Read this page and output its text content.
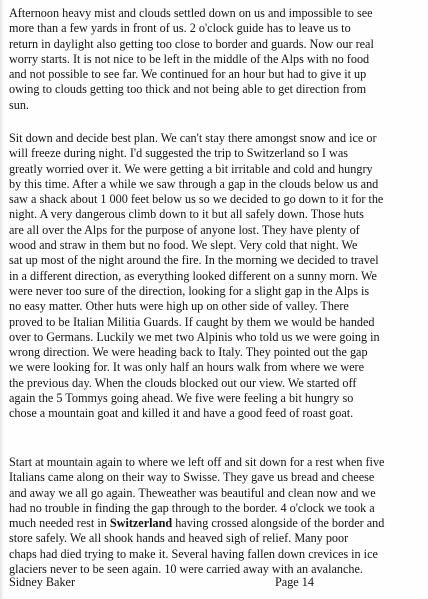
Afternoon heavy mist and clouds settled down on us and impossible to see
more than a few yards in front of us. 2 o'clock guide has to leave us to
return in daylight also getting too close to border and guards. Now our real
worry starts. It is not nice to be left in the middle of the Alps with no food
and not possible to see far. We continued for an hour but had to give it up
owing to clouds getting too thick and not being able to get direction from
sun.

Sit down and decide best plan. We can't stay there amongst snow and ice or
will freeze during night. I'd suggested the trip to Switzerland so I was
greatly worried over it. We were getting a bit irritable and cold and hungry
by this time. After a while we saw through a gap in the clouds below us and
saw a shack about 1 000 feet below us so we decided to go down to it for the
night. A very dangerous climb down to it but all safely down. Those huts
are all over the Alps for the purpose of anyone lost. They have plenty of
wood and straw in them but no food. We slept. Very cold that night. We
sat up most of the night around the fire. In the morning we decided to travel
in a different direction, as everything looked different on a sunny morn. We
were never too sure of the direction, looking for a slight gap in the Alps is
no easy matter. Other huts were high up on other side of valley. There
proved to be Italian Militia Guards. If caught by them we would be handed
over to Germans. Luckily we met two Alpinis who told us we were going in
wrong direction. We were heading back to Italy. They pointed out the gap
we were looking for. It was only half an hours walk from where we were
the previous day. When the clouds blocked out our view. We started off
again the 5 Tommys going ahead. We five were feeling a bit hungry so
chose a mountain goat and killed it and have a good feed of roast goat.

Start at mountain again to where we left off and sit down for a rest when five
Italians came along on their way to Swisse. They gave us bread and cheese
and away we all go again. Theweather was beautiful and clean now and we
had no trouble in finding the gap through to the border. 4 o'clock we took a
much needed rest in Switzerland having crossed alongside of the border and
store safely. We all shook hands and heaved sigh of relief. Many poor
chaps had died trying to make it. Several having fallen down crevices in ice
glaciers never to be seen again. 10 were carried away with an avalanche.

Sidney Baker	Page 14
